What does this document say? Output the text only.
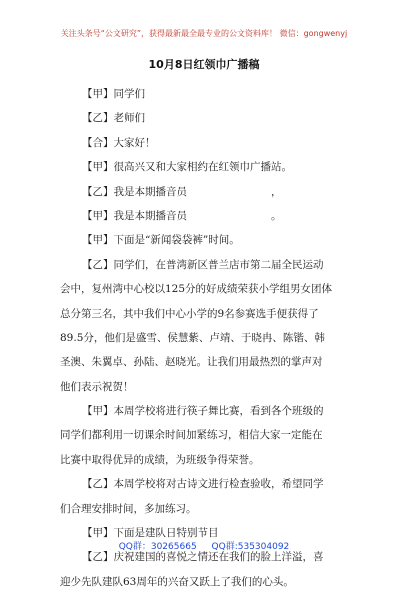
关注头条号“公文研究”，获得最新最全最专业的公文资料库！ 微信：gongwenyj
10月8日红领巾广播稿
【甲】同学们
【乙】老师们
【合】大家好！
【甲】很高兴又和大家相约在红领巾广播站。
【乙】我是本期播音员　　　　　　　　，
【甲】我是本期播音员　　　　　　　　。
【甲】下面是“新闻袋袋裤”时间。
【乙】同学们，在普湾新区普兰店市第二届全民运动
会中，复州湾中心校以125分的好成绩荣获小学组男女团体
总分第三名，其中我们中心小学的9名参赛选手便获得了
89.5分，他们是盛雪、侯慧紫、卢靖、于晓冉、陈锴、韩
圣澳、朱翼卓、孙陆、赵晓光。让我们用最热烈的掌声对
他们表示祝贺！
【甲】本周学校将进行筷子舞比赛，看到各个班级的
同学们都利用一切课余时间加紧练习，相信大家一定能在
比赛中取得优异的成绩，为班级争得荣誉。
【乙】本周学校将对古诗文进行检查验收，希望同学
们合理安排时间，多加练习。
【甲】下面是建队日特别节目
【乙】庆祝建国的喜悦之情还在我们的脸上洋溢，喜
迎少先队建队63周年的兴奋又跃上了我们的心头。
QQ群：30265665 QQ群:535304092
